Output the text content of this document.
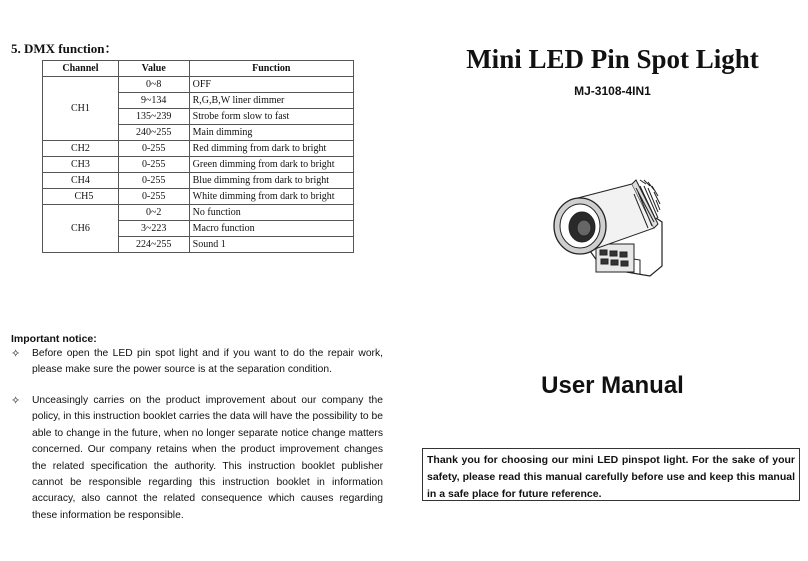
5. DMX function：
Channel	Value	Function
CH1	0~8	OFF
	9~134	R,G,B,W liner dimmer
	135~239	Strobe form slow to fast
	240~255	Main dimming
CH2	0-255	Red dimming from dark to bright
CH3	0-255	Green dimming from dark to bright
CH4	0-255	Blue dimming from dark to bright
CH5	0-255	White dimming from dark to bright
CH6	0~2	No function
	3~223	Macro function
	224~255	Sound 1
Important notice:
✧	Before open the LED pin spot light and if you want to do the repair work, please make sure the power source is at the separation condition.
✧	Unceasingly carries on the product improvement about our company the policy, in this instruction booklet carries the data will have the possibility to be able to change in the future, when no longer separate notice change matters concerned. Our company retains when the product improvement changes the related specification the authority. This instruction booklet publisher cannot be responsible regarding this instruction booklet in information accuracy, also cannot the related consequence which causes regarding these information be responsible.
Mini LED Pin Spot Light
MJ-3108-4IN1
User Manual
Thank you for choosing our mini LED pinspot light. For the sake of your safety, please read this manual carefully before use and keep this manual in a safe place for future reference.
